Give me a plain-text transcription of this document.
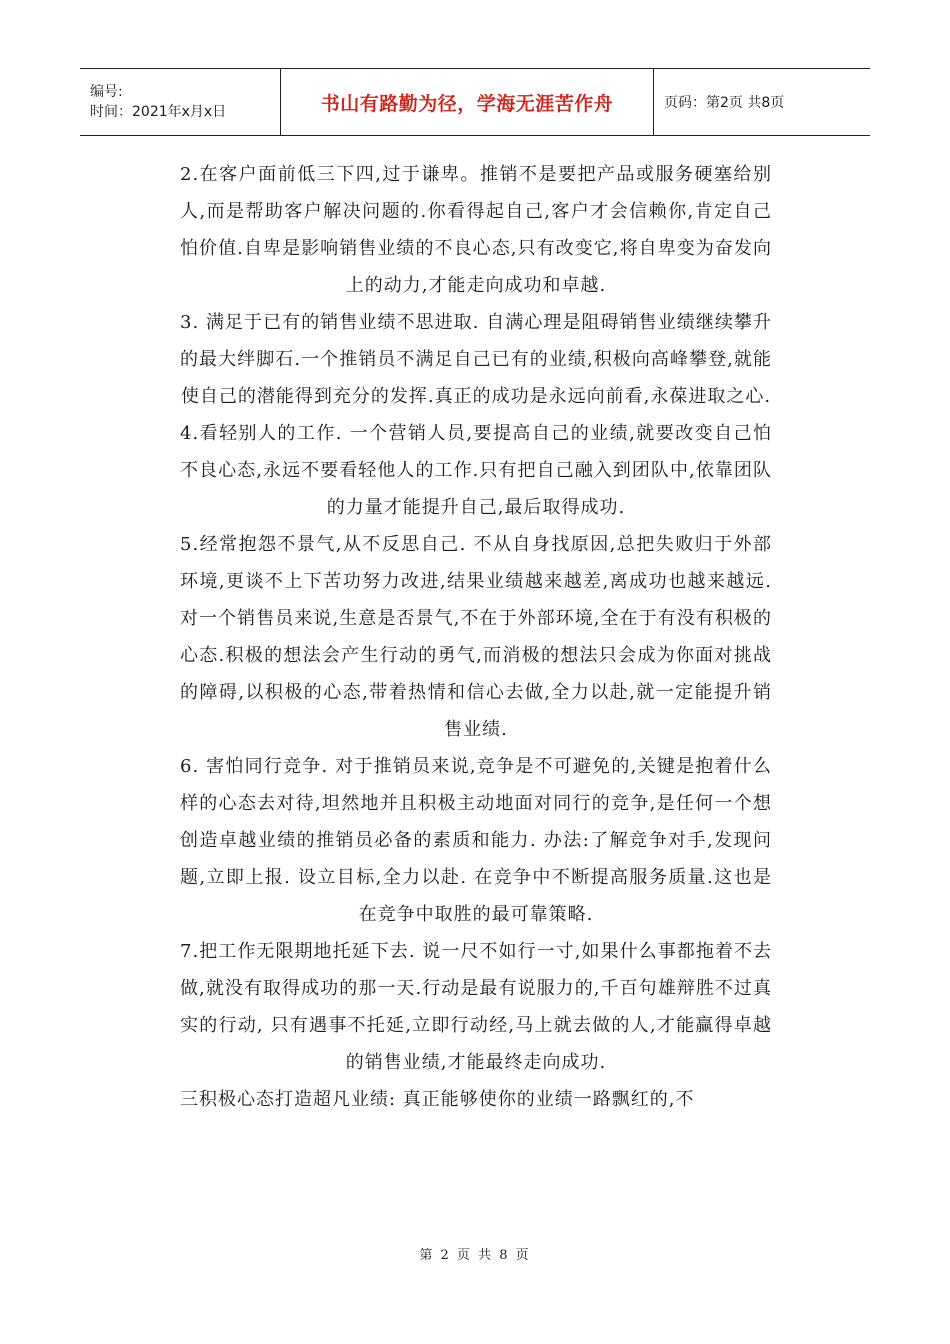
编号:
时间：2021年x月x日	书山有路勤为径，学海无涯苦作舟	页码：第2页 共8页

2.在客户面前低三下四,过于谦卑。推销不是要把产品或服务硬塞给别人,而是帮助客户解决问题的.你看得起自己,客户才会信赖你,肯定自己怕价值.自卑是影响销售业绩的不良心态,只有改变它,将自卑变为奋发向上的动力,才能走向成功和卓越.

3. 满足于已有的销售业绩不思进取. 自满心理是阻碍销售业绩继续攀升的最大绊脚石.一个推销员不满足自己已有的业绩,积极向高峰攀登,就能使自己的潜能得到充分的发挥.真正的成功是永远向前看,永葆进取之心.

4.看轻别人的工作. 一个营销人员,要提高自己的业绩,就要改变自己怕不良心态,永远不要看轻他人的工作.只有把自己融入到团队中,依靠团队的力量才能提升自己,最后取得成功.

5.经常抱怨不景气,从不反思自己. 不从自身找原因,总把失败归于外部环境,更谈不上下苦功努力改进,结果业绩越来越差,离成功也越来越远.对一个销售员来说,生意是否景气,不在于外部环境,全在于有没有积极的心态.积极的想法会产生行动的勇气,而消极的想法只会成为你面对挑战的障碍,以积极的心态,带着热情和信心去做,全力以赴,就一定能提升销售业绩.

6. 害怕同行竞争. 对于推销员来说,竞争是不可避免的,关键是抱着什么样的心态去对待,坦然地并且积极主动地面对同行的竞争,是任何一个想创造卓越业绩的推销员必备的素质和能力. 办法:了解竞争对手,发现问题,立即上报. 设立目标,全力以赴. 在竞争中不断提高服务质量.这也是在竞争中取胜的最可靠策略.

7.把工作无限期地托延下去. 说一尺不如行一寸,如果什么事都拖着不去做,就没有取得成功的那一天.行动是最有说服力的,千百句雄辩胜不过真实的行动, 只有遇事不托延,立即行动经,马上就去做的人,才能赢得卓越的销售业绩,才能最终走向成功.

三积极心态打造超凡业绩: 真正能够使你的业绩一路飘红的,不

第 2 页 共 8 页
